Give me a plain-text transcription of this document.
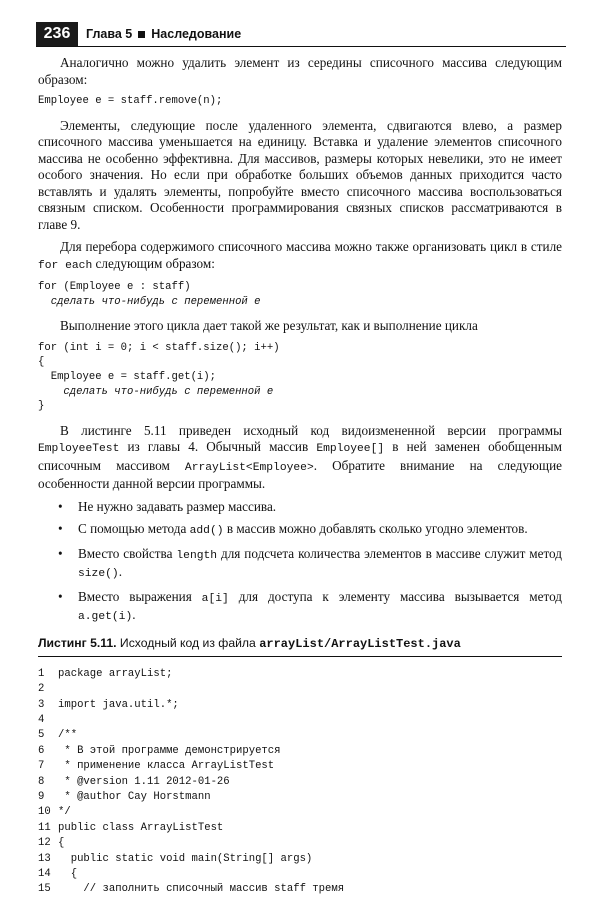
236	Глава 5 Наследование

Аналогично можно удалить элемент из середины списочного массива следующим образом:

Employee e = staff.remove(n);

Элементы, следующие после удаленного элемента, сдвигаются влево, а размер списочного массива уменьшается на единицу. Вставка и удаление элементов списочного массива не особенно эффективна. Для массивов, размеры которых невелики, это не имеет особого значения. Но если при обработке больших объемов данных приходится часто вставлять и удалять элементы, попробуйте вместо списочного массива воспользоваться связным списком. Особенности программирования связных списков рассматриваются в главе 9.

Для перебора содержимого списочного массива можно также организовать цикл в стиле for each следующим образом:

for (Employee e : staff)
сделать что-нибудь с переменной e

Выполнение этого цикла дает такой же результат, как и выполнение цикла

for (int i = 0; i < staff.size(); i++)
{
Employee e = staff.get(i);
сделать что-нибудь с переменной e
}

В листинге 5.11 приведен исходный код видоизмененной версии программы EmployeeTest из главы 4. Обычный массив Employee[] в ней заменен обобщенным списочным массивом ArrayList<Employee>. Обратите внимание на следующие особенности данной версии программы.

• Не нужно задавать размер массива.
• С помощью метода add() в массив можно добавлять сколько угодно элементов.
• Вместо свойства length для подсчета количества элементов в массиве служит метод size().
• Вместо выражения a[i] для доступа к элементу массива вызывается метод a.get(i).
Листинг 5.11. Исходный код из файла arrayList/ArrayListTest.java
1 package arrayList;
2
3 import java.util.*;
4
5 /**
6 * В этой программе демонстрируется
7 * применение класса ArrayListTest
8 * @version 1.11 2012-01-26
9 * @author Cay Horstmann
10 */
11 public class ArrayListTest
12 {
13  public static void main(String[] args)
14  {
15    // заполнить списочный массив staff тремя
